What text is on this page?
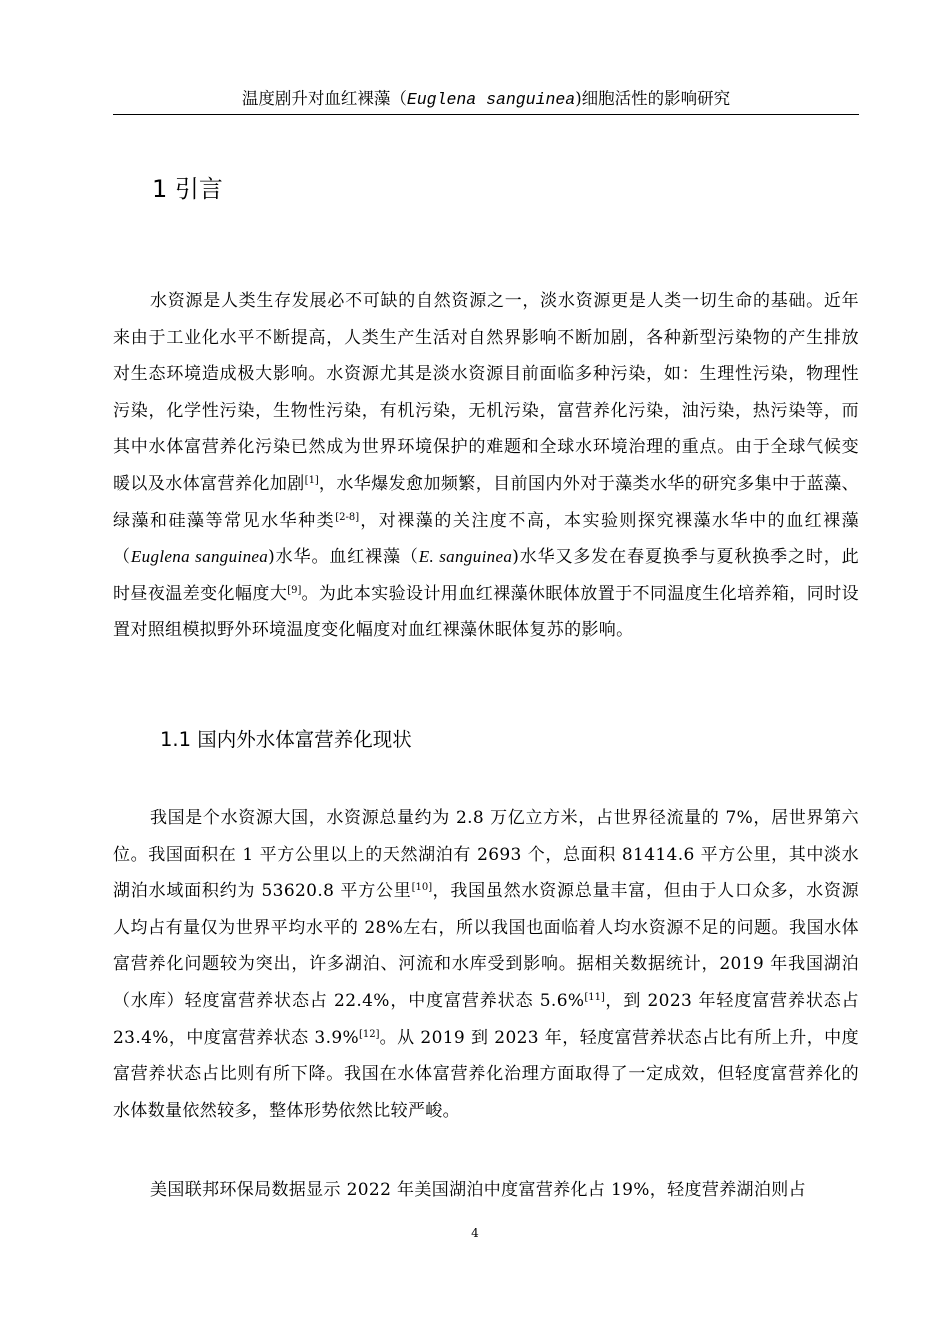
温度剧升对血红裸藻（Euglena sanguinea)细胞活性的影响研究
1 引言

水资源是人类生存发展必不可缺的自然资源之一，淡水资源更是人类一切生命的基础。近年来由于工业化水平不断提高，人类生产生活对自然界影响不断加剧，各种新型污染物的产生排放对生态环境造成极大影响。水资源尤其是淡水资源目前面临多种污染，如：生理性污染，物理性污染，化学性污染，生物性污染，有机污染，无机污染，富营养化污染，油污染，热污染等，而其中水体富营养化污染已然成为世界环境保护的难题和全球水环境治理的重点。由于全球气候变暖以及水体富营养化加剧[1]，水华爆发愈加频繁，目前国内外对于藻类水华的研究多集中于蓝藻、绿藻和硅藻等常见水华种类[2-8]，对裸藻的关注度不高，本实验则探究裸藻水华中的血红裸藻（Euglena sanguinea)水华。血红裸藻（E. sanguinea)水华又多发在春夏换季与夏秋换季之时，此时昼夜温差变化幅度大[9]。为此本实验设计用血红裸藻休眠体放置于不同温度生化培养箱，同时设置对照组模拟野外环境温度变化幅度对血红裸藻休眠体复苏的影响。

1.1 国内外水体富营养化现状

我国是个水资源大国，水资源总量约为 2.8 万亿立方米，占世界径流量的 7%，居世界第六位。我国面积在 1 平方公里以上的天然湖泊有 2693 个，总面积 81414.6 平方公里，其中淡水湖泊水域面积约为 53620.8 平方公里[10]，我国虽然水资源总量丰富，但由于人口众多，水资源人均占有量仅为世界平均水平的 28%左右，所以我国也面临着人均水资源不足的问题。我国水体富营养化问题较为突出，许多湖泊、河流和水库受到影响。据相关数据统计，2019 年我国湖泊（水库）轻度富营养状态占 22.4%，中度富营养状态 5.6%[11]，到 2023 年轻度富营养状态占 23.4%，中度富营养状态 3.9%[12]。从 2019 到 2023 年，轻度富营养状态占比有所上升，中度富营养状态占比则有所下降。我国在水体富营养化治理方面取得了一定成效，但轻度富营养化的水体数量依然较多，整体形势依然比较严峻。

美国联邦环保局数据显示 2022 年美国湖泊中度富营养化占 19%，轻度营养湖泊则占

4
